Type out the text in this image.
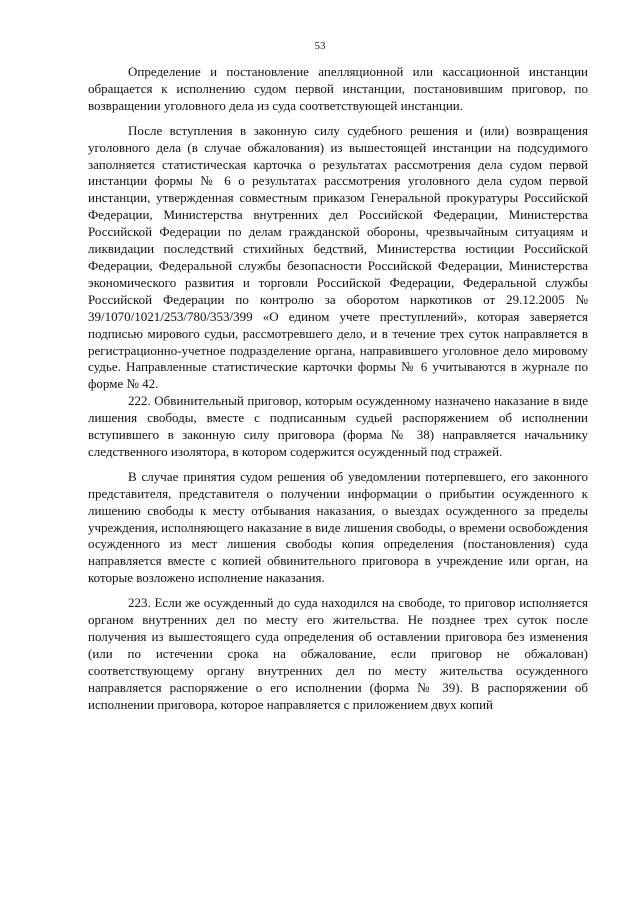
53

Определение и постановление апелляционной или кассационной инстанции обращается к исполнению судом первой инстанции, постановившим приговор, по возвращении уголовного дела из суда соответствующей инстанции.

После вступления в законную силу судебного решения и (или) возвращения уголовного дела (в случае обжалования) из вышестоящей инстанции на подсудимого заполняется статистическая карточка о результатах рассмотрения дела судом первой инстанции формы № 6 о результатах рассмотрения уголовного дела судом первой инстанции, утвержденная совместным приказом Генеральной прокуратуры Российской Федерации, Министерства внутренних дел Российской Федерации, Министерства Российской Федерации по делам гражданской обороны, чрезвычайным ситуациям и ликвидации последствий стихийных бедствий, Министерства юстиции Российской Федерации, Федеральной службы безопасности Российской Федерации, Министерства экономического развития и торговли Российской Федерации, Федеральной службы Российской Федерации по контролю за оборотом наркотиков от 29.12.2005 № 39/1070/1021/253/780/353/399 «О едином учете преступлений», которая заверяется подписью мирового судьи, рассмотревшего дело, и в течение трех суток направляется в регистрационно-учетное подразделение органа, направившего уголовное дело мировому судье. Направленные статистические карточки формы № 6 учитываются в журнале по форме № 42.

222. Обвинительный приговор, которым осужденному назначено наказание в виде лишения свободы, вместе с подписанным судьей распоряжением об исполнении вступившего в законную силу приговора (форма № 38) направляется начальнику следственного изолятора, в котором содержится осужденный под стражей.

В случае принятия судом решения об уведомлении потерпевшего, его законного представителя, представителя о получении информации о прибытии осужденного к лишению свободы к месту отбывания наказания, о выездах осужденного за пределы учреждения, исполняющего наказание в виде лишения свободы, о времени освобождения осужденного из мест лишения свободы копия определения (постановления) суда направляется вместе с копией обвинительного приговора в учреждение или орган, на которые возложено исполнение наказания.

223. Если же осужденный до суда находился на свободе, то приговор исполняется органом внутренних дел по месту его жительства. Не позднее трех суток после получения из вышестоящего суда определения об оставлении приговора без изменения (или по истечении срока на обжалование, если приговор не обжалован) соответствующему органу внутренних дел по месту жительства осужденного направляется распоряжение о его исполнении (форма № 39). В распоряжении об исполнении приговора, которое направляется с приложением двух копий
